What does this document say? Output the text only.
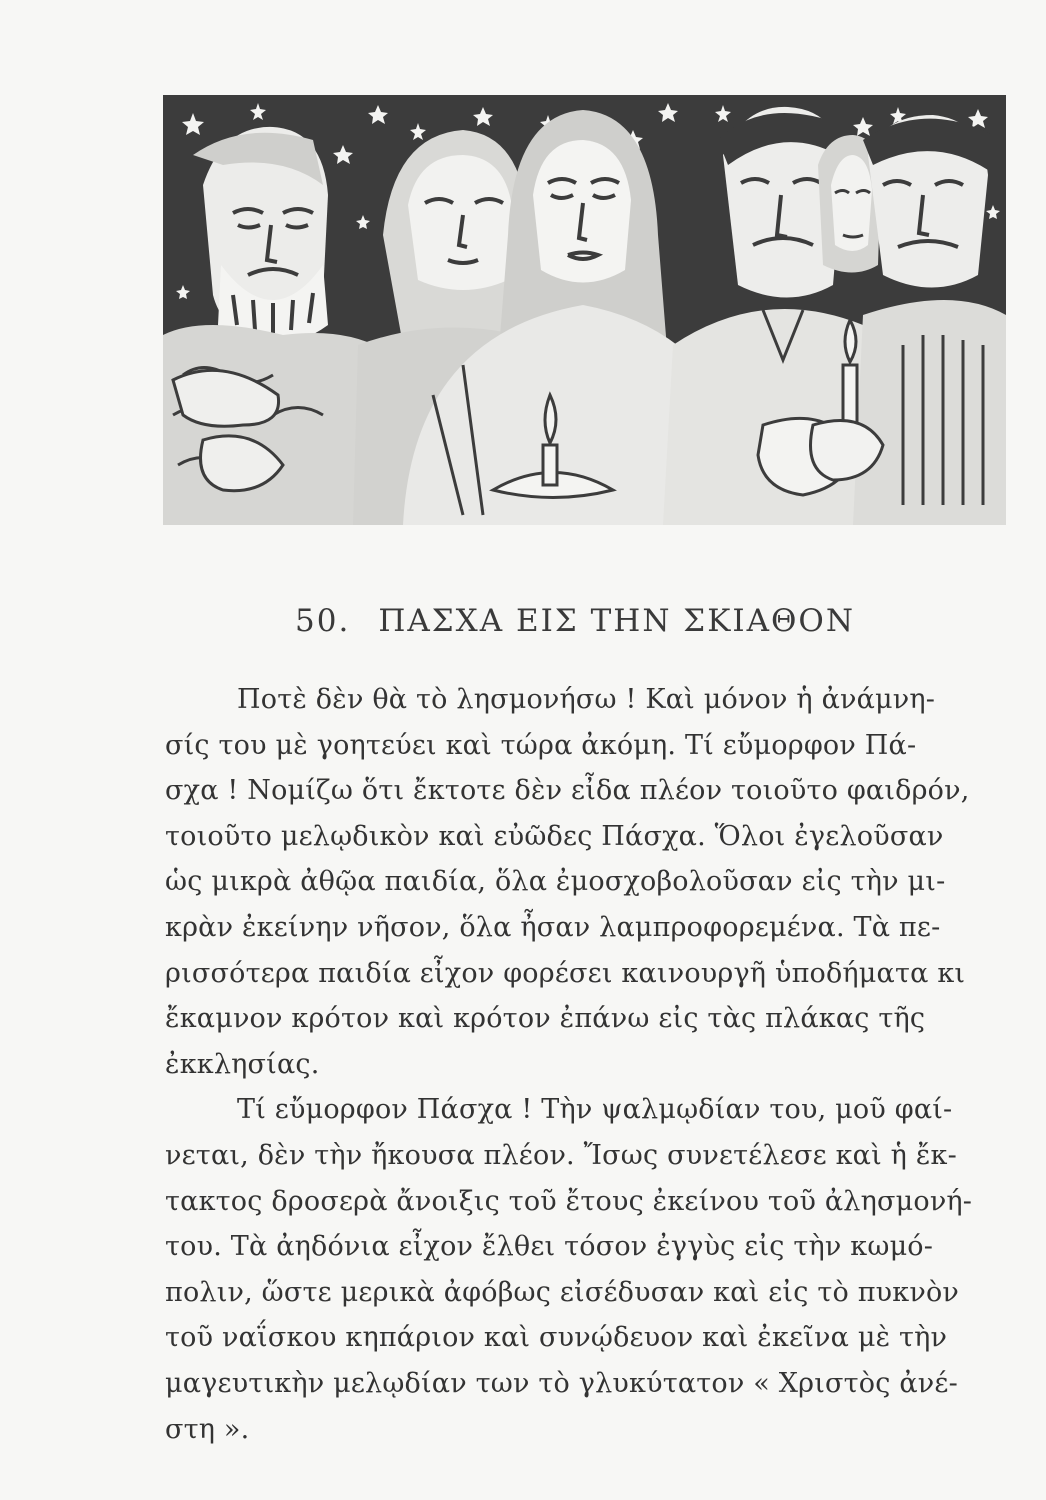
50. ΠΑΣΧΑ ΕΙΣ ΤΗΝ ΣΚΙΑΘΟΝ
Ποτὲ δὲν θὰ τὸ λησμονήσω ! Καὶ μόνον ἡ ἀνάμνη-
σίς του μὲ γοητεύει καὶ τώρα ἀκόμη. Τί εὔμορφον Πά-
σχα ! Νομίζω ὅτι ἔκτοτε δὲν εἶδα πλέον τοιοῦτο φαιδρόν,
τοιοῦτο μελῳδικὸν καὶ εὐῶδες Πάσχα. Ὅλοι ἐγελοῦσαν
ὡς μικρὰ ἀθῷα παιδία, ὅλα ἐμοσχοβολοῦσαν εἰς τὴν μι-
κρὰν ἐκείνην νῆσον, ὅλα ἦσαν λαμπροφορεμένα. Τὰ πε-
ρισσότερα παιδία εἶχον φορέσει καινουργῆ ὑποδήματα κι
ἔκαμνον κρότον καὶ κρότον ἐπάνω εἰς τὰς πλάκας τῆς
ἐκκλησίας.
Τί εὔμορφον Πάσχα ! Τὴν ψαλμῳδίαν του, μοῦ φαί-
νεται, δὲν τὴν ἤκουσα πλέον. Ἴσως συνετέλεσε καὶ ἡ ἔκ-
τακτος δροσερὰ ἄνοιξις τοῦ ἔτους ἐκείνου τοῦ ἀλησμονή-
του. Τὰ ἀηδόνια εἶχον ἔλθει τόσον ἐγγὺς εἰς τὴν κωμό-
πολιν, ὥστε μερικὰ ἀφόβως εἰσέδυσαν καὶ εἰς τὸ πυκνὸν
τοῦ ναΐσκου κηπάριον καὶ συνῴδευον καὶ ἐκεῖνα μὲ τὴν
μαγευτικὴν μελῳδίαν των τὸ γλυκύτατον « Χριστὸς ἀνέ-
στη ».
